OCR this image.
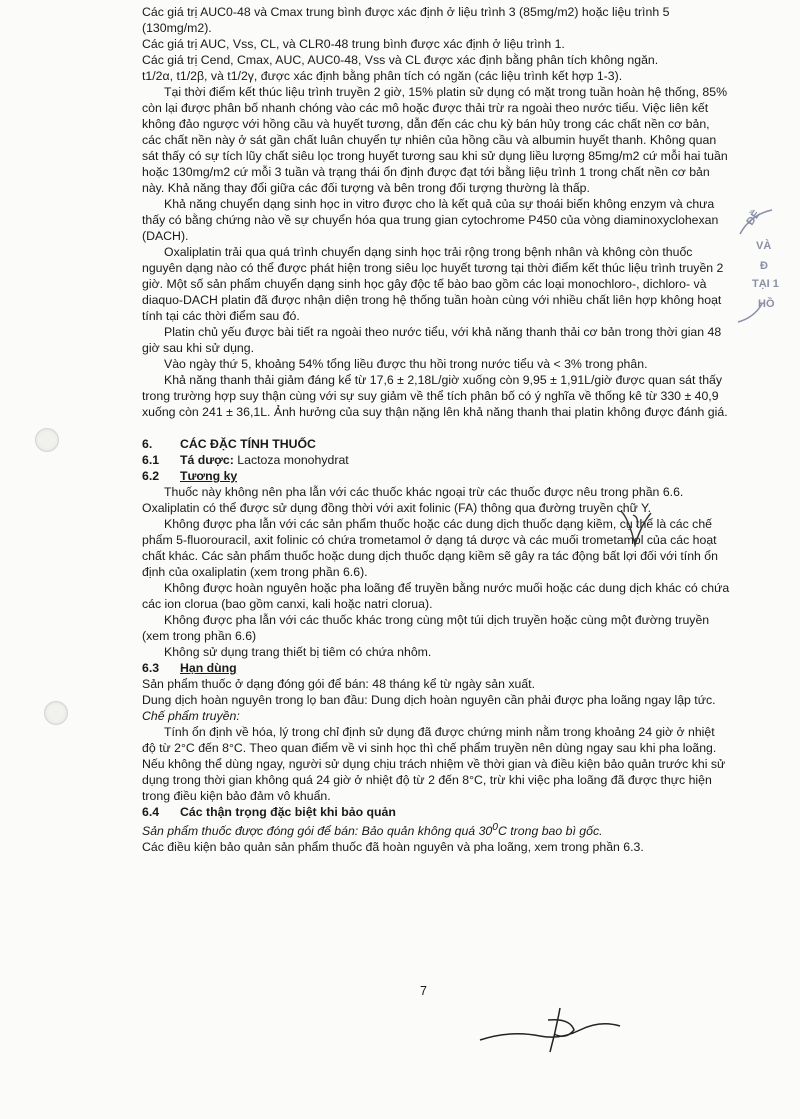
ĐỀ
VÀ
Đ
TẠI 1
HỒ

Các giá trị AUC0-48 và Cmax trung bình được xác định ở liệu trình 3 (85mg/m2) hoặc liệu trình 5 (130mg/m2).

Các giá trị AUC, Vss, CL, và CLR0-48 trung bình được xác định ở liệu trình 1.

Các giá trị Cend, Cmax, AUC, AUC0-48, Vss và CL được xác định bằng phân tích không ngăn.

t1/2α, t1/2β, và t1/2γ, được xác định bằng phân tích có ngăn (các liệu trình kết hợp 1-3).

Tại thời điểm kết thúc liệu trình truyền 2 giờ, 15% platin sử dụng có mặt trong tuần hoàn hệ thống, 85% còn lại được phân bố nhanh chóng vào các mô hoặc được thải trừ ra ngoài theo nước tiểu. Việc liên kết không đảo ngược với hồng cầu và huyết tương, dẫn đến các chu kỳ bán hủy trong các chất nền cơ bản, các chất nền này ở sát gần chất luân chuyển tự nhiên của hồng cầu và albumin huyết thanh. Không quan sát thấy có sự tích lũy chất siêu lọc trong huyết tương sau khi sử dụng liều lượng 85mg/m2 cứ mỗi hai tuần hoặc 130mg/m2 cứ mỗi 3 tuần và trạng thái ổn định được đạt tới bằng liệu trình 1 trong chất nền cơ bản này. Khả năng thay đổi giữa các đối tượng và bên trong đối tượng thường là thấp.

Khả năng chuyển dạng sinh học in vitro được cho là kết quả của sự thoái biến không enzym và chưa thấy có bằng chứng nào về sự chuyển hóa qua trung gian cytochrome P450 của vòng diaminoxyclohexan (DACH).

Oxaliplatin trải qua quá trình chuyển dạng sinh học trải rộng trong bệnh nhân và không còn thuốc nguyên dạng nào có thể được phát hiện trong siêu lọc huyết tương tại thời điểm kết thúc liệu trình truyền 2 giờ. Một số sản phẩm chuyển dạng sinh học gây độc tế bào bao gồm các loại monochloro-, dichloro- và diaquo-DACH platin đã được nhận diện trong hệ thống tuần hoàn cùng với nhiều chất liên hợp không hoạt tính tại các thời điểm sau đó.

Platin chủ yếu được bài tiết ra ngoài theo nước tiểu, với khả năng thanh thải cơ bản trong thời gian 48 giờ sau khi sử dụng.

Vào ngày thứ 5, khoảng 54% tổng liều được thu hồi trong nước tiểu và < 3% trong phân.

Khả năng thanh thải giảm đáng kể từ 17,6 ± 2,18L/giờ xuống còn 9,95 ± 1,91L/giờ được quan sát thấy trong trường hợp suy thận cùng với sự suy giảm về thể tích phân bố có ý nghĩa về thống kê từ 330 ± 40,9 xuống còn 241 ± 36,1L. Ảnh hưởng của suy thận nặng lên khả năng thanh thai platin không được đánh giá.

6. CÁC ĐẶC TÍNH THUỐC

6.1 Tá dược: Lactoza monohydrat

6.2 Tương kỵ

Thuốc này không nên pha lẫn với các thuốc khác ngoại trừ các thuốc được nêu trong phần 6.6. Oxaliplatin có thể được sử dụng đồng thời với axit folinic (FA) thông qua đường truyền chữ Y.

Không được pha lẫn với các sản phẩm thuốc hoặc các dung dịch thuốc dạng kiềm, cụ thể là các chế phẩm 5-fluorouracil, axit folinic có chứa trometamol ở dạng tá dược và các muối trometamol của các hoạt chất khác. Các sản phẩm thuốc hoặc dung dịch thuốc dạng kiềm sẽ gây ra tác động bất lợi đối với tính ổn định của oxaliplatin (xem trong phần 6.6).

Không được hoàn nguyên hoặc pha loãng để truyền bằng nước muối hoặc các dung dịch khác có chứa các ion clorua (bao gồm canxi, kali hoặc natri clorua).

Không được pha lẫn với các thuốc khác trong cùng một túi dịch truyền hoặc cùng một đường truyền (xem trong phần 6.6)

Không sử dụng trang thiết bị tiêm có chứa nhôm.

6.3 Hạn dùng

Sản phẩm thuốc ở dạng đóng gói để bán: 48 tháng kể từ ngày sản xuất.

Dung dịch hoàn nguyên trong lọ ban đầu: Dung dịch hoàn nguyên cần phải được pha loãng ngay lập tức.

Chế phẩm truyền:

Tính ổn định về hóa, lý trong chỉ định sử dụng đã được chứng minh nằm trong khoảng 24 giờ ở nhiệt độ từ 2°C đến 8°C. Theo quan điểm về vi sinh học thì chế phẩm truyền nên dùng ngay sau khi pha loãng. Nếu không thể dùng ngay, người sử dụng chịu trách nhiệm về thời gian và điều kiện bảo quản trước khi sử dụng trong thời gian không quá 24 giờ ở nhiệt độ từ 2 đến 8°C, trừ khi việc pha loãng đã được thực hiện trong điều kiện bảo đảm vô khuẩn.

6.4 Các thận trọng đặc biệt khi bảo quản

Sản phẩm thuốc được đóng gói để bán: Bảo quản không quá $30^0C$ trong bao bì gốc.

Các điều kiện bảo quản sản phẩm thuốc đã hoàn nguyên và pha loãng, xem trong phần 6.3.

7
